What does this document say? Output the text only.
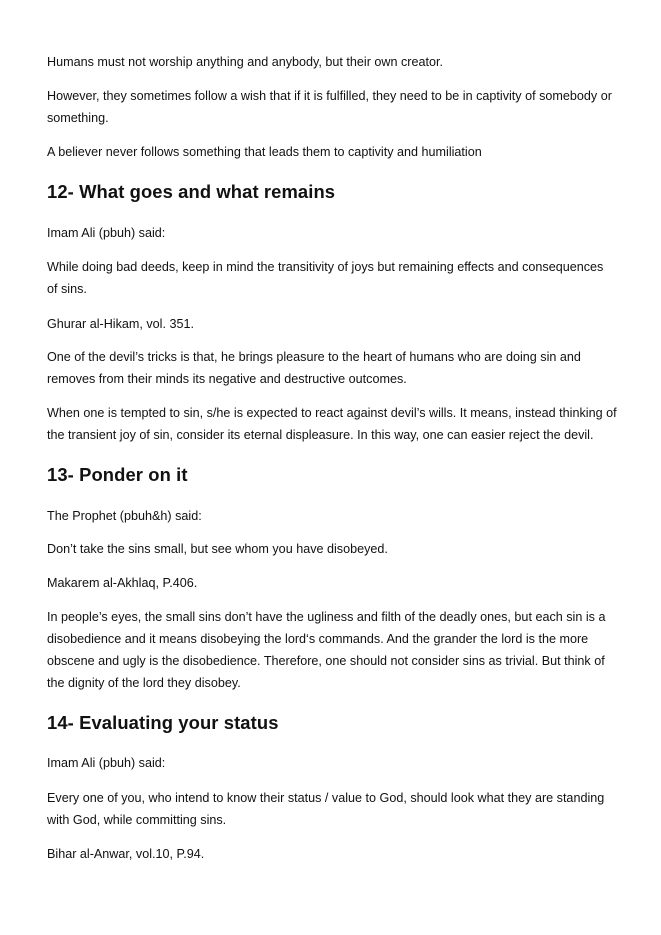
Humans must not worship anything and anybody, but their own creator.

However, they sometimes follow a wish that if it is fulfilled, they need to be in captivity of somebody or something.

A believer never follows something that leads them to captivity and humiliation

12- What goes and what remains

Imam Ali (pbuh) said:

While doing bad deeds, keep in mind the transitivity of joys but remaining effects and consequences of sins.

Ghurar al-Hikam, vol. 351.

One of the devil’s tricks is that, he brings pleasure to the heart of humans who are doing sin and removes from their minds its negative and destructive outcomes.

When one is tempted to sin, s/he is expected to react against devil’s wills. It means, instead thinking of the transient joy of sin, consider its eternal displeasure. In this way, one can easier reject the devil.

13- Ponder on it

The Prophet (pbuh&h) said:

Don’t take the sins small, but see whom you have disobeyed.

Makarem al-Akhlaq, P.406.

In people’s eyes, the small sins don’t have the ugliness and filth of the deadly ones, but each sin is a disobedience and it means disobeying the lord‘s commands. And the grander the lord is the more obscene and ugly is the disobedience. Therefore, one should not consider sins as trivial. But think of the dignity of the lord they disobey.

14- Evaluating your status

Imam Ali (pbuh) said:

Every one of you, who intend to know their status / value to God, should look what they are standing with God, while committing sins.

Bihar al-Anwar, vol.10, P.94.
